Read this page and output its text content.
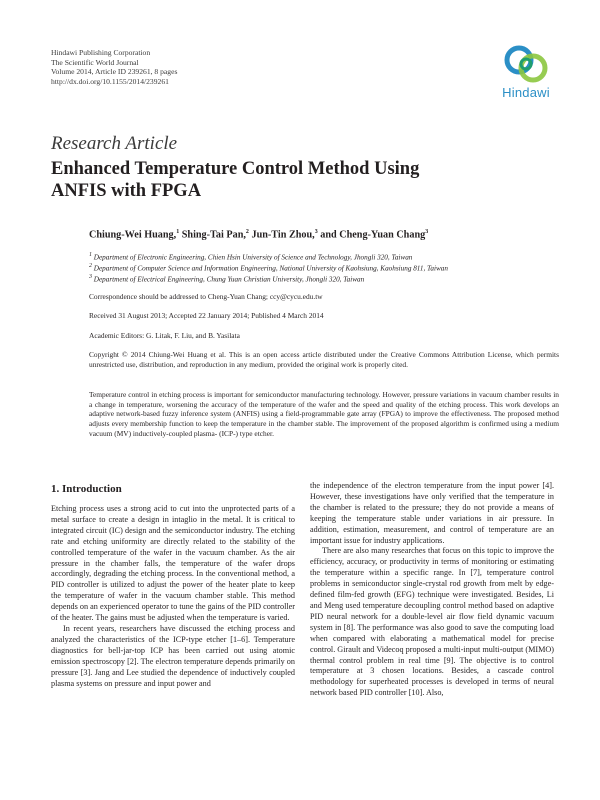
Hindawi Publishing Corporation
The Scientific World Journal
Volume 2014, Article ID 239261, 8 pages
http://dx.doi.org/10.1155/2014/239261
Hindawi
Research Article
Enhanced Temperature Control Method Using
ANFIS with FPGA
Chiung-Wei Huang,$^1$ Shing-Tai Pan,$^2$ Jun-Tin Zhou,$^3$ and Cheng-Yuan Chang$^3$
$^1$ Department of Electronic Engineering, Chien Hsin University of Science and Technology, Jhongli 320, Taiwan
$^2$ Department of Computer Science and Information Engineering, National University of Kaohsiung, Kaohsiung 811, Taiwan
$^3$ Department of Electrical Engineering, Chung Yuan Christian University, Jhongli 320, Taiwan
Correspondence should be addressed to Cheng-Yuan Chang; ccy@cycu.edu.tw
Received 31 August 2013; Accepted 22 January 2014; Published 4 March 2014
Academic Editors: G. Litak, F. Liu, and B. Yasilata
Copyright © 2014 Chiung-Wei Huang et al. This is an open access article distributed under the Creative Commons Attribution License, which permits unrestricted use, distribution, and reproduction in any medium, provided the original work is properly cited.
Temperature control in etching process is important for semiconductor manufacturing technology. However, pressure variations in vacuum chamber results in a change in temperature, worsening the accuracy of the temperature of the wafer and the speed and quality of the etching process. This work develops an adaptive network-based fuzzy inference system (ANFIS) using a field-programmable gate array (FPGA) to improve the effectiveness. The proposed method adjusts every membership function to keep the temperature in the chamber stable. The improvement of the proposed algorithm is confirmed using a medium vacuum (MV) inductively-coupled plasma- (ICP-) type etcher.
1. Introduction

Etching process uses a strong acid to cut into the unprotected parts of a metal surface to create a design in intaglio in the metal. It is critical to integrated circuit (IC) design and the semiconductor industry. The etching rate and etching uniformity are directly related to the stability of the controlled temperature of the wafer in the vacuum chamber. As the air pressure in the chamber falls, the temperature of the wafer drops accordingly, degrading the etching process. In the conventional method, a PID controller is utilized to adjust the power of the heater plate to keep the temperature of wafer in the vacuum chamber stable. This method depends on an experienced operator to tune the gains of the PID controller of the heater. The gains must be adjusted when the temperature is varied.

In recent years, researchers have discussed the etching process and analyzed the characteristics of the ICP-type etcher [1–6]. Temperature diagnostics for bell-jar-top ICP has been carried out using atomic emission spectroscopy [2]. The electron temperature depends primarily on pressure [3]. Jang and Lee studied the dependence of inductively coupled plasma systems on pressure and input power and

the independence of the electron temperature from the input power [4]. However, these investigations have only verified that the temperature in the chamber is related to the pressure; they do not provide a means of keeping the temperature stable under variations in air pressure. In addition, estimation, measurement, and control of temperature are an important issue for industry applications.

There are also many researches that focus on this topic to improve the efficiency, accuracy, or productivity in terms of monitoring or estimating the temperature within a specific range. In [7], temperature control problems in semiconductor single-crystal rod growth from melt by edge-defined film-fed growth (EFG) technique were investigated. Besides, Li and Meng used temperature decoupling control method based on adaptive PID neural network for a double-level air flow field dynamic vacuum system in [8]. The performance was also good to save the computing load when compared with elaborating a mathematical model for precise control. Girault and Videcoq proposed a multi-input multi-output (MIMO) thermal control problem in real time [9]. The objective is to control temperature at 3 chosen locations. Besides, a cascade control methodology for superheated processes is developed in terms of neural network based PID controller [10]. Also,
